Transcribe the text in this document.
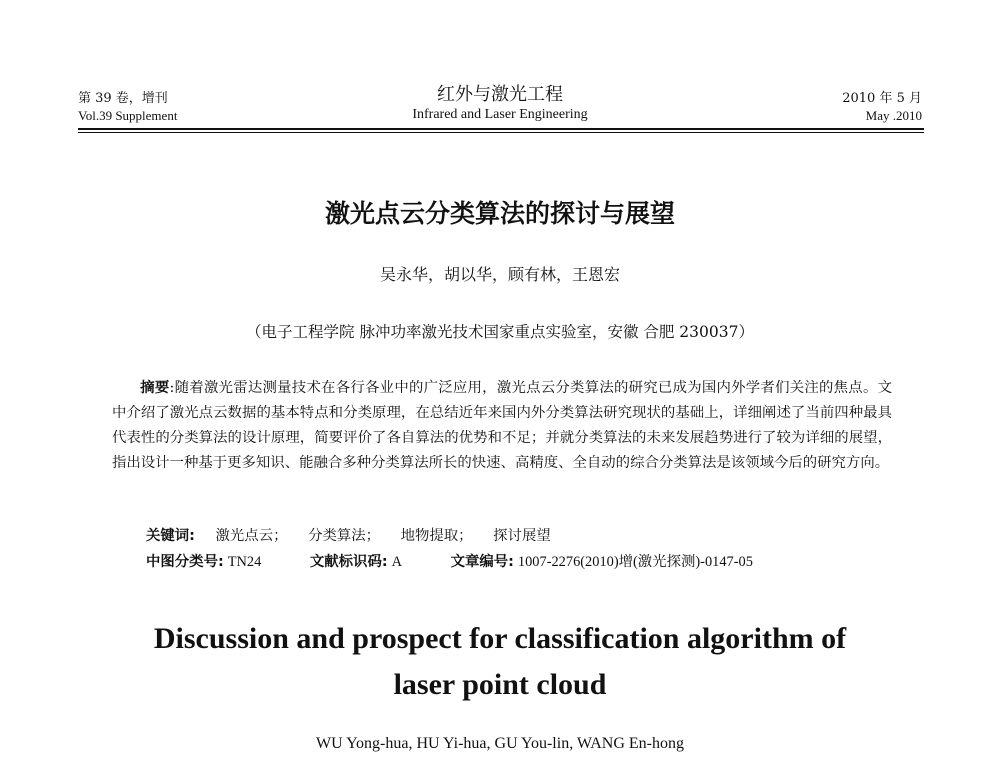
第 39 卷，增刊
Vol.39 Supplement
红外与激光工程
Infrared and Laser Engineering
2010 年 5 月
May .2010
激光点云分类算法的探讨与展望
吴永华，胡以华，顾有林，王恩宏
（电子工程学院 脉冲功率激光技术国家重点实验室，安徽 合肥 230037）
摘要:随着激光雷达测量技术在各行各业中的广泛应用，激光点云分类算法的研究已成为国内外学者们关注的焦点。文中介绍了激光点云数据的基本特点和分类原理，在总结近年来国内外分类算法研究现状的基础上，详细阐述了当前四种最具代表性的分类算法的设计原理，简要评价了各自算法的优势和不足；并就分类算法的未来发展趋势进行了较为详细的展望，指出设计一种基于更多知识、能融合多种分类算法所长的快速、高精度、全自动的综合分类算法是该领域今后的研究方向。
关键词: 激光点云； 分类算法； 地物提取； 探讨展望
中图分类号: TN24	文献标识码: A	文章编号: 1007-2276(2010)增(激光探测)-0147-05
Discussion and prospect for classification algorithm of
laser point cloud
WU Yong-hua, HU Yi-hua, GU You-lin, WANG En-hong
